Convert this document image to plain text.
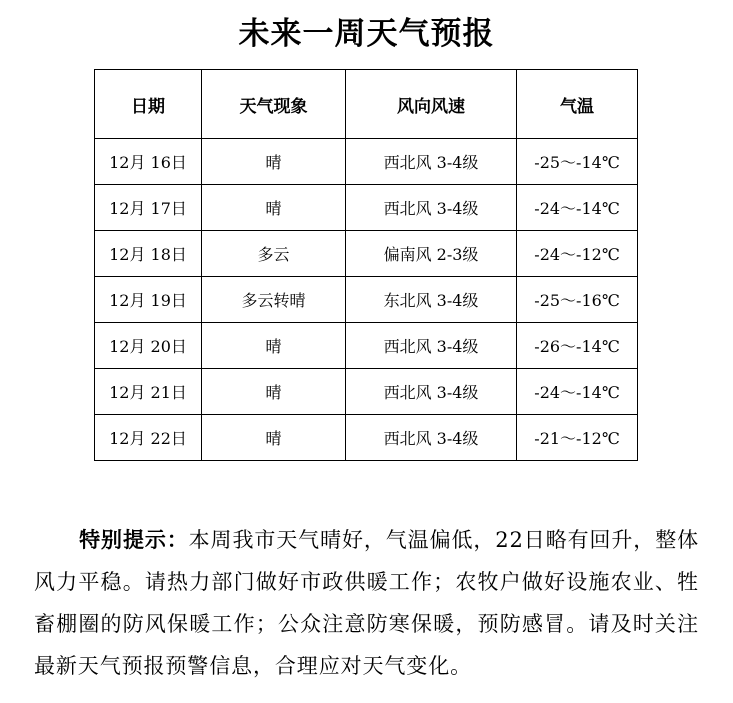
未来一周天气预报
日期	天气现象	风向风速	气温
12月 16日	晴	西北风 3-4级	-25～-14℃
12月 17日	晴	西北风 3-4级	-24～-14℃
12月 18日	多云	偏南风 2-3级	-24～-12℃
12月 19日	多云转晴	东北风 3-4级	-25～-16℃
12月 20日	晴	西北风 3-4级	-26～-14℃
12月 21日	晴	西北风 3-4级	-24～-14℃
12月 22日	晴	西北风 3-4级	-21～-12℃

特别提示：本周我市天气晴好，气温偏低，22日略有回升，整体风力平稳。请热力部门做好市政供暖工作；农牧户做好设施农业、牲畜棚圈的防风保暖工作；公众注意防寒保暖，预防感冒。请及时关注最新天气预报预警信息，合理应对天气变化。
